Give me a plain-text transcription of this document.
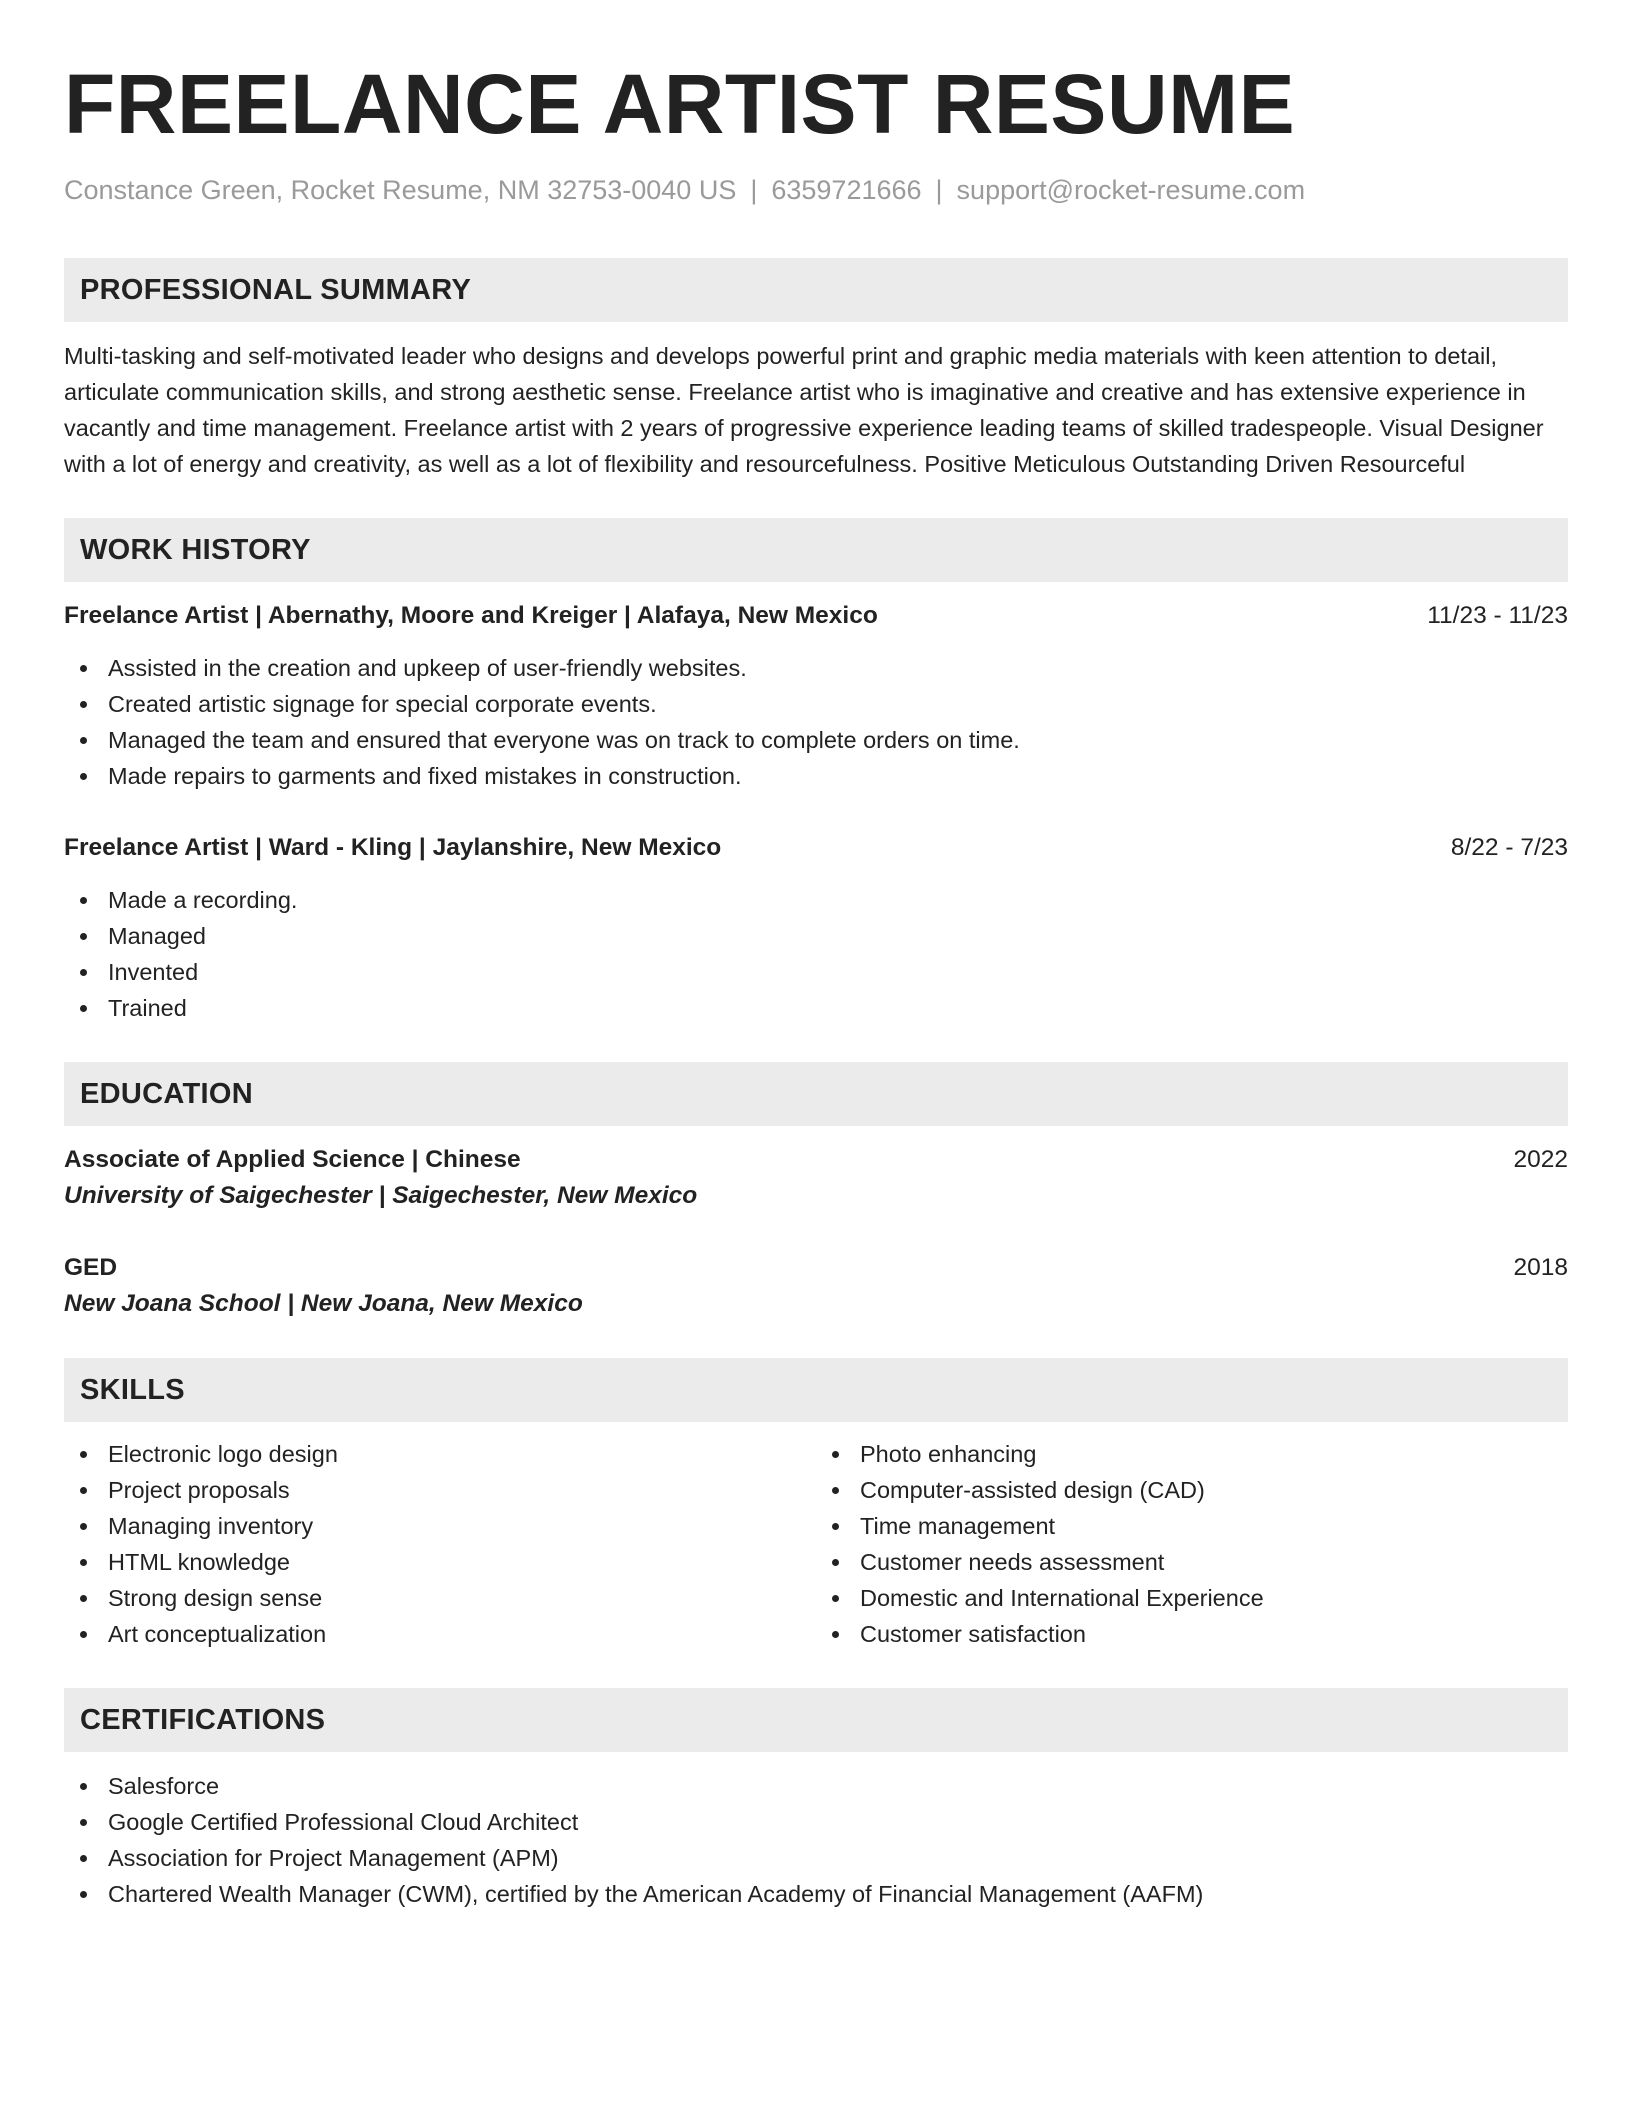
FREELANCE ARTIST RESUME
Constance Green, Rocket Resume, NM 32753-0040 US | 6359721666 | support@rocket-resume.com
PROFESSIONAL SUMMARY

Multi-tasking and self-motivated leader who designs and develops powerful print and graphic media materials with keen attention to detail, articulate communication skills, and strong aesthetic sense. Freelance artist who is imaginative and creative and has extensive experience in vacantly and time management. Freelance artist with 2 years of progressive experience leading teams of skilled tradespeople. Visual Designer with a lot of energy and creativity, as well as a lot of flexibility and resourcefulness. Positive Meticulous Outstanding Driven Resourceful

WORK HISTORY
Freelance Artist | Abernathy, Moore and Kreiger | Alafaya, New Mexico	11/23 - 11/23
Assisted in the creation and upkeep of user-friendly websites.
Created artistic signage for special corporate events.
Managed the team and ensured that everyone was on track to complete orders on time.
Made repairs to garments and fixed mistakes in construction.
Freelance Artist | Ward - Kling | Jaylanshire, New Mexico	8/22 - 7/23
Made a recording.
Managed
Invented
Trained
EDUCATION
Associate of Applied Science | Chinese	2022
University of Saigechester | Saigechester, New Mexico
GED	2018
New Joana School | New Joana, New Mexico
SKILLS
Electronic logo design
Project proposals
Managing inventory
HTML knowledge
Strong design sense
Art conceptualization
Photo enhancing
Computer-assisted design (CAD)
Time management
Customer needs assessment
Domestic and International Experience
Customer satisfaction
CERTIFICATIONS
Salesforce
Google Certified Professional Cloud Architect
Association for Project Management (APM)
Chartered Wealth Manager (CWM), certified by the American Academy of Financial Management (AAFM)
